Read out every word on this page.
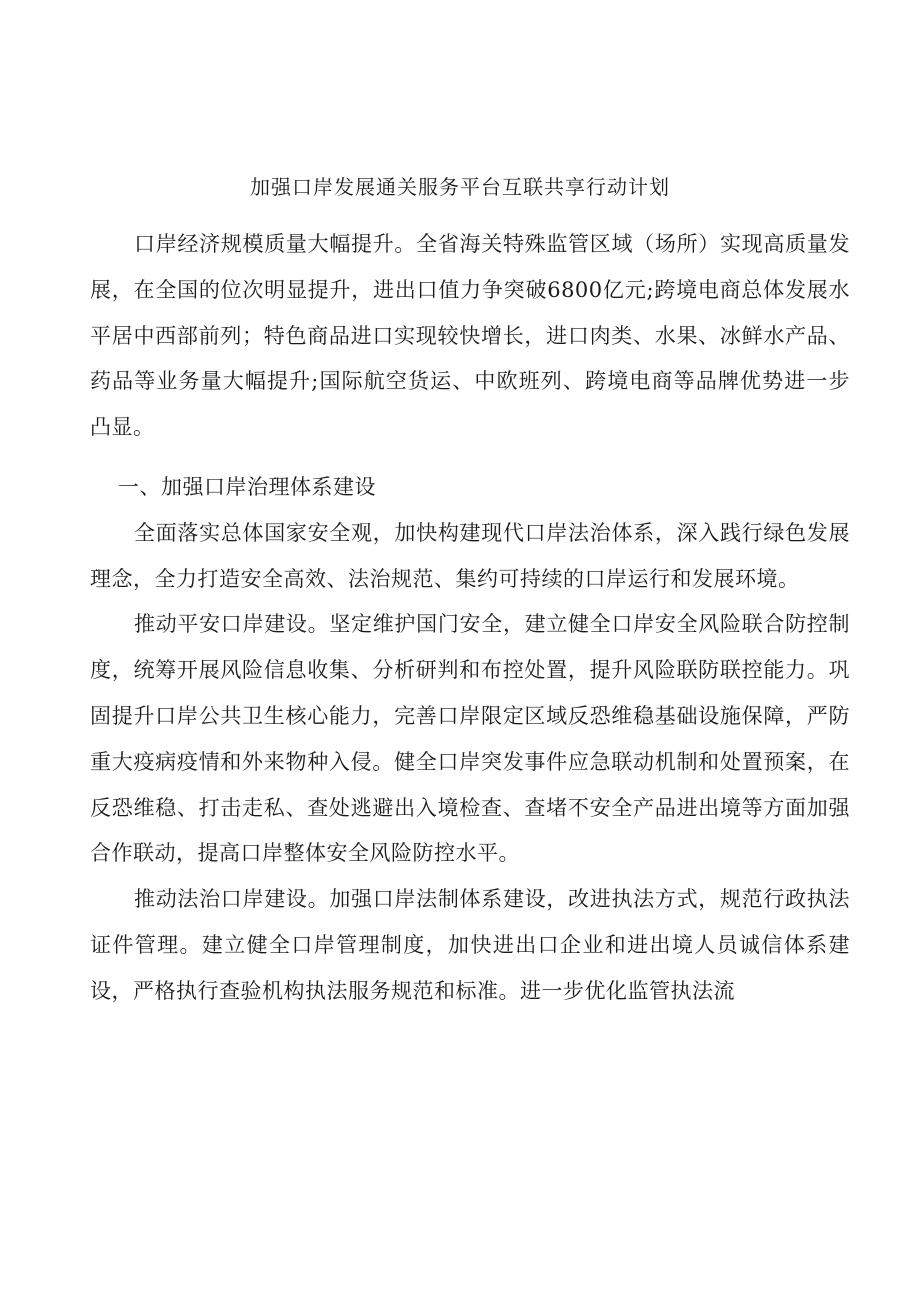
加强口岸发展通关服务平台互联共享行动计划

口岸经济规模质量大幅提升。全省海关特殊监管区域（场所）实现高质量发展，在全国的位次明显提升，进出口值力争突破6800亿元;跨境电商总体发展水平居中西部前列；特色商品进口实现较快增长，进口肉类、水果、冰鲜水产品、药品等业务量大幅提升;国际航空货运、中欧班列、跨境电商等品牌优势进一步凸显。

一、加强口岸治理体系建设

全面落实总体国家安全观，加快构建现代口岸法治体系，深入践行绿色发展理念，全力打造安全高效、法治规范、集约可持续的口岸运行和发展环境。

推动平安口岸建设。坚定维护国门安全，建立健全口岸安全风险联合防控制度，统筹开展风险信息收集、分析研判和布控处置，提升风险联防联控能力。巩固提升口岸公共卫生核心能力，完善口岸限定区域反恐维稳基础设施保障，严防重大疫病疫情和外来物种入侵。健全口岸突发事件应急联动机制和处置预案，在反恐维稳、打击走私、查处逃避出入境检查、查堵不安全产品进出境等方面加强合作联动，提高口岸整体安全风险防控水平。

推动法治口岸建设。加强口岸法制体系建设，改进执法方式，规范行政执法证件管理。建立健全口岸管理制度，加快进出口企业和进出境人员诚信体系建设，严格执行查验机构执法服务规范和标准。进一步优化监管执法流
